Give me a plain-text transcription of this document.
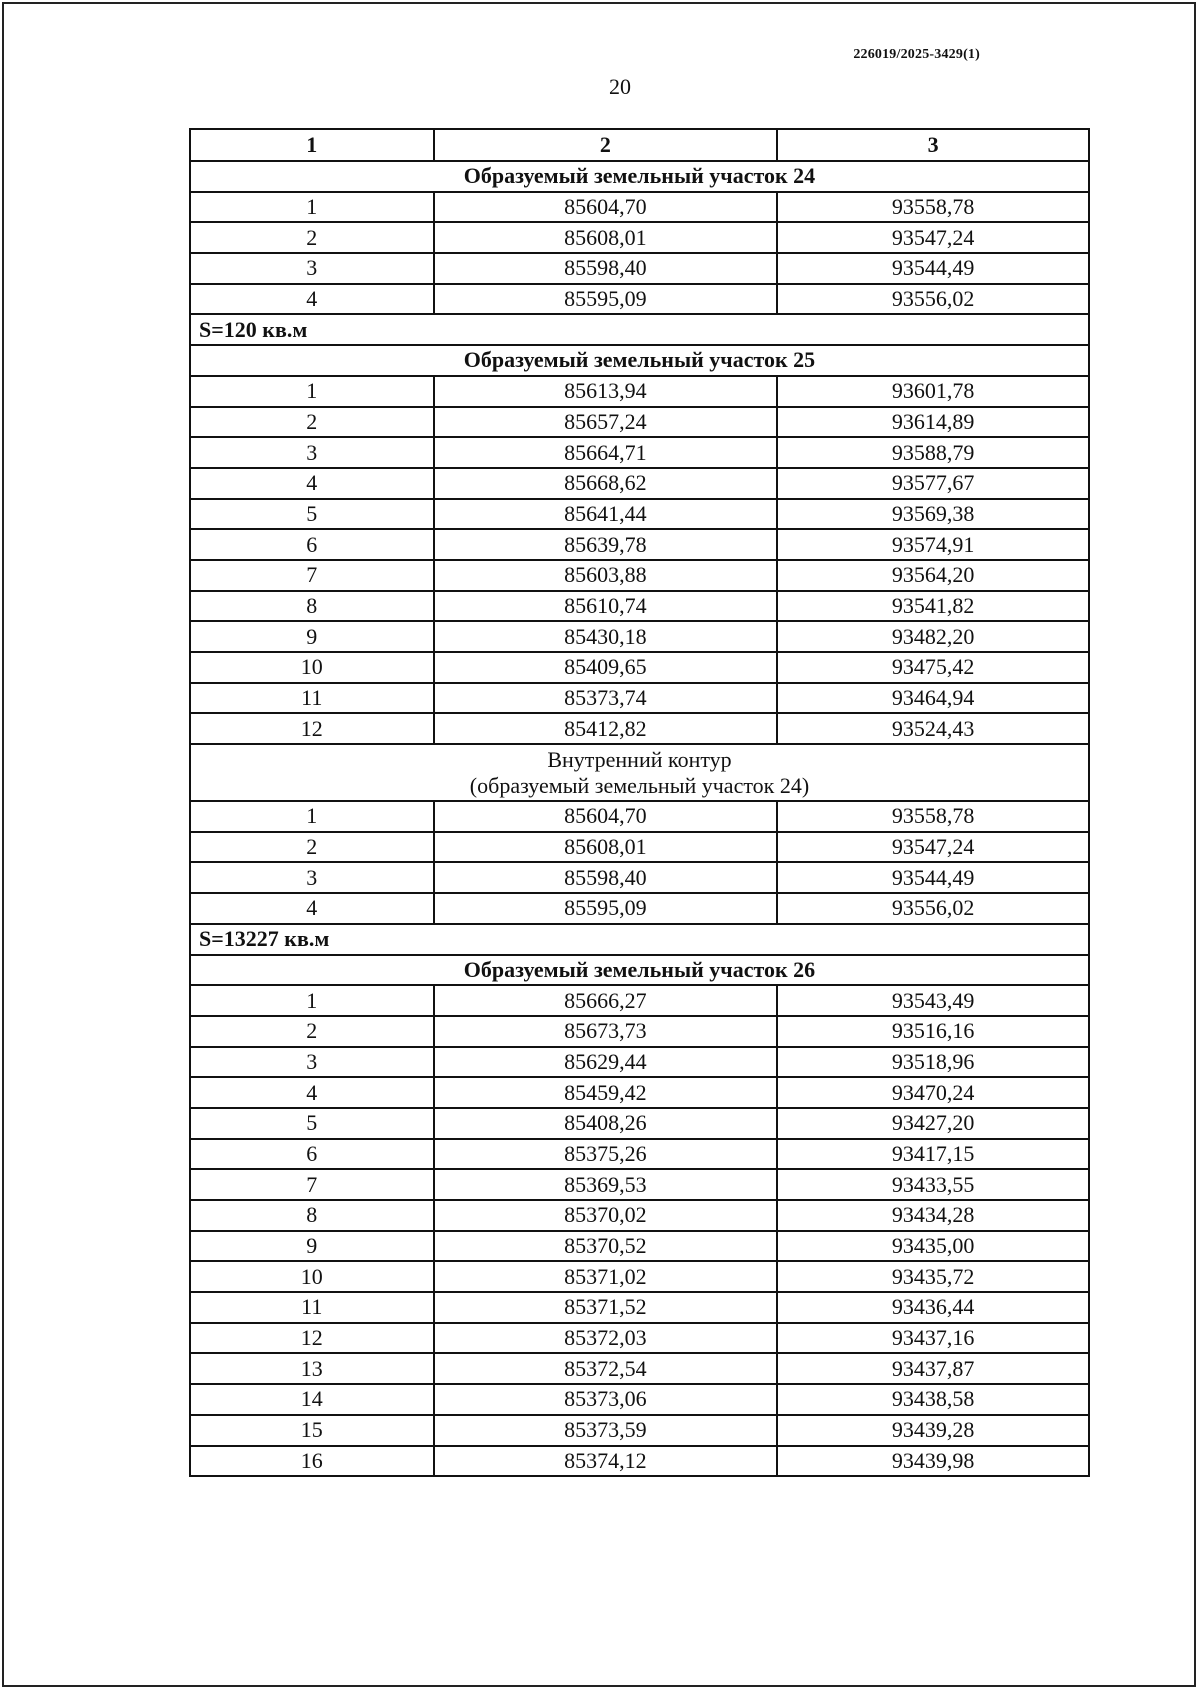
226019/2025-3429(1)
20
1	2	3
Образуемый земельный участок 24		
1	85604,70	93558,78
2	85608,01	93547,24
3	85598,40	93544,49
4	85595,09	93556,02
S=120 кв.м		
Образуемый земельный участок 25		
1	85613,94	93601,78
2	85657,24	93614,89
3	85664,71	93588,79
4	85668,62	93577,67
5	85641,44	93569,38
6	85639,78	93574,91
7	85603,88	93564,20
8	85610,74	93541,82
9	85430,18	93482,20
10	85409,65	93475,42
11	85373,74	93464,94
12	85412,82	93524,43

Внутренний контур
(образуемый земельный участок 24)		

1	85604,70	93558,78
2	85608,01	93547,24
3	85598,40	93544,49
4	85595,09	93556,02
S=13227 кв.м		
Образуемый земельный участок 26		
1	85666,27	93543,49
2	85673,73	93516,16
3	85629,44	93518,96
4	85459,42	93470,24
5	85408,26	93427,20
6	85375,26	93417,15
7	85369,53	93433,55
8	85370,02	93434,28
9	85370,52	93435,00
10	85371,02	93435,72
11	85371,52	93436,44
12	85372,03	93437,16
13	85372,54	93437,87
14	85373,06	93438,58
15	85373,59	93439,28
16	85374,12	93439,98
